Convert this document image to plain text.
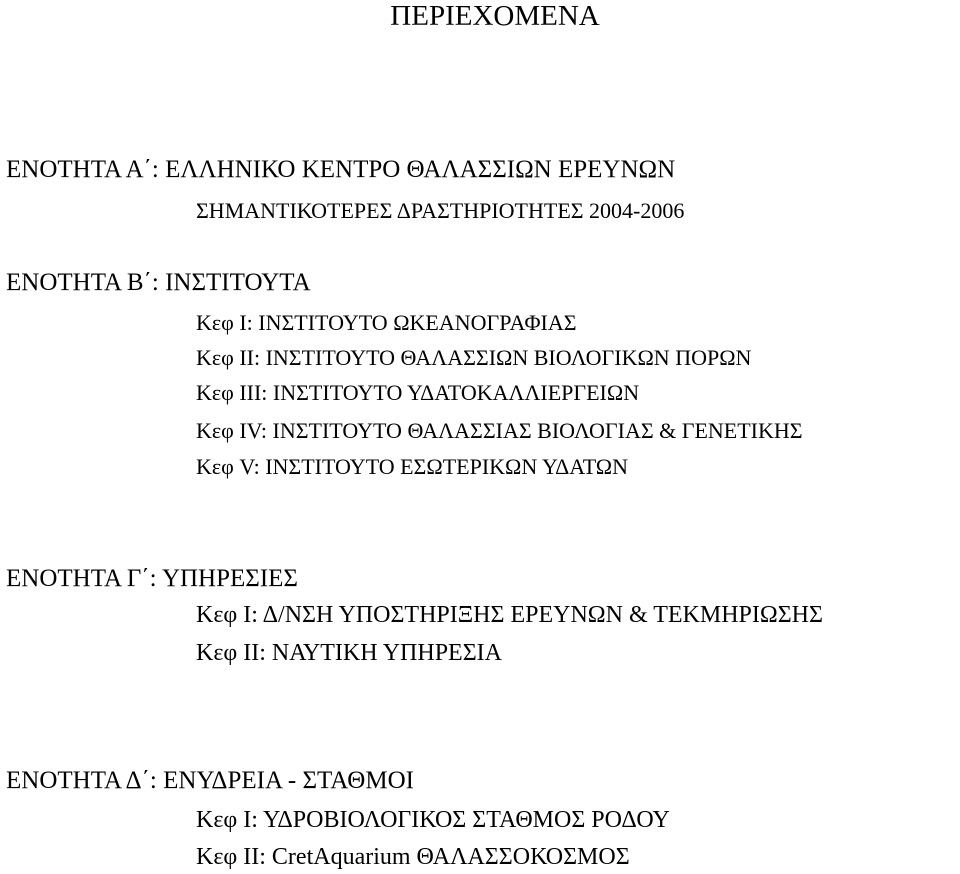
ΠΕΡΙΕΧΟΜΕΝΑ
ΕΝΟΤΗΤΑ Α΄: ΕΛΛΗΝΙΚΟ ΚΕΝΤΡΟ ΘΑΛΑΣΣΙΩΝ ΕΡΕΥΝΩΝ
ΣΗΜΑΝΤΙΚΟΤΕΡΕΣ ΔΡΑΣΤΗΡΙΟΤΗΤΕΣ 2004-2006
ΕΝΟΤΗΤΑ Β΄: ΙΝΣΤΙΤΟΥΤΑ
Κεφ Ι: ΙΝΣΤΙΤΟΥΤΟ ΩΚΕΑΝΟΓΡΑΦΙΑΣ
Κεφ ΙΙ: ΙΝΣΤΙΤΟΥΤΟ ΘΑΛΑΣΣΙΩΝ ΒΙΟΛΟΓΙΚΩΝ ΠΟΡΩΝ
Κεφ ΙΙΙ: ΙΝΣΤΙΤΟΥΤΟ ΥΔΑΤΟΚΑΛΛΙΕΡΓΕΙΩΝ
Κεφ ΙV: ΙΝΣΤΙΤΟΥΤΟ ΘΑΛΑΣΣΙΑΣ ΒΙΟΛΟΓΙΑΣ & ΓΕΝΕΤΙΚΗΣ
Κεφ V: ΙΝΣΤΙΤΟΥΤΟ ΕΣΩΤΕΡΙΚΩΝ ΥΔΑΤΩΝ
ΕΝΟΤΗΤΑ Γ΄: ΥΠΗΡΕΣΙΕΣ
Κεφ Ι: Δ/ΝΣΗ ΥΠΟΣΤΗΡΙΞΗΣ ΕΡΕΥΝΩΝ & ΤΕΚΜΗΡΙΩΣΗΣ
Κεφ ΙΙ: ΝΑΥΤΙΚΗ ΥΠΗΡΕΣΙΑ
ΕΝΟΤΗΤΑ Δ΄: ΕΝΥΔΡΕΙΑ - ΣΤΑΘΜΟΙ
Κεφ Ι: ΥΔΡΟΒΙΟΛΟΓΙΚΟΣ ΣΤΑΘΜΟΣ ΡΟΔΟΥ
Κεφ ΙΙ: CretAquarium ΘΑΛΑΣΣΟΚΟΣΜΟΣ
